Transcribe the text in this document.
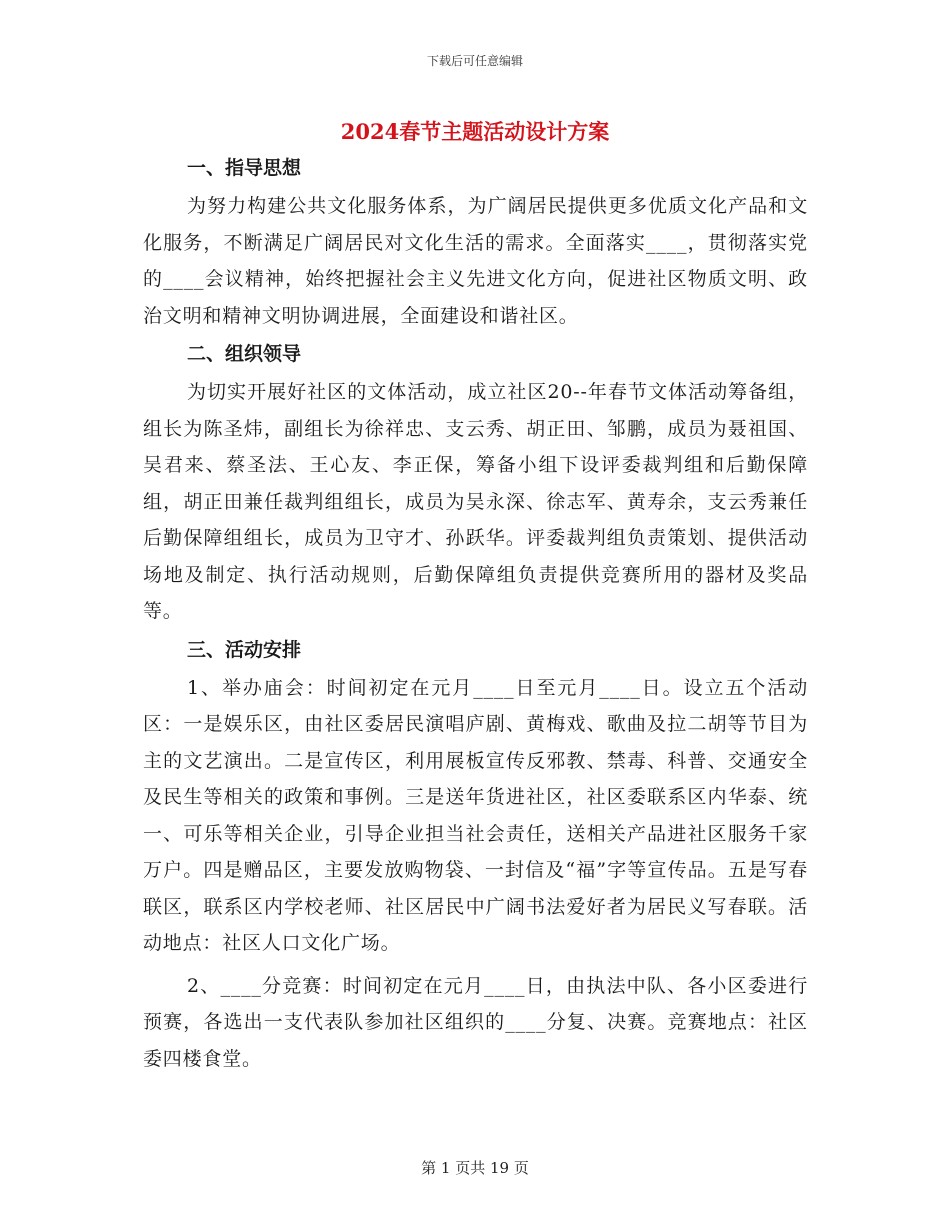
下载后可任意编辑
2024春节主题活动设计方案
一、指导思想

为努力构建公共文化服务体系，为广阔居民提供更多优质文化产品和文化服务，不断满足广阔居民对文化生活的需求。全面落实____，贯彻落实党的____会议精神，始终把握社会主义先进文化方向，促进社区物质文明、政治文明和精神文明协调进展，全面建设和谐社区。

二、组织领导

为切实开展好社区的文体活动，成立社区20--年春节文体活动筹备组，组长为陈圣炜，副组长为徐祥忠、支云秀、胡正田、邹鹏，成员为聂祖国、吴君来、蔡圣法、王心友、李正保，筹备小组下设评委裁判组和后勤保障组，胡正田兼任裁判组组长，成员为吴永深、徐志军、黄寿余，支云秀兼任后勤保障组组长，成员为卫守才、孙跃华。评委裁判组负责策划、提供活动场地及制定、执行活动规则，后勤保障组负责提供竞赛所用的器材及奖品等。

三、活动安排

1、举办庙会：时间初定在元月____日至元月____日。设立五个活动区：一是娱乐区，由社区委居民演唱庐剧、黄梅戏、歌曲及拉二胡等节目为主的文艺演出。二是宣传区，利用展板宣传反邪教、禁毒、科普、交通安全及民生等相关的政策和事例。三是送年货进社区，社区委联系区内华泰、统一、可乐等相关企业，引导企业担当社会责任，送相关产品进社区服务千家万户。四是赠品区，主要发放购物袋、一封信及“福”字等宣传品。五是写春联区，联系区内学校老师、社区居民中广阔书法爱好者为居民义写春联。活动地点：社区人口文化广场。

2、____分竞赛：时间初定在元月____日，由执法中队、各小区委进行预赛，各选出一支代表队参加社区组织的____分复、决赛。竞赛地点：社区委四楼食堂。

第 1 页共 19 页
